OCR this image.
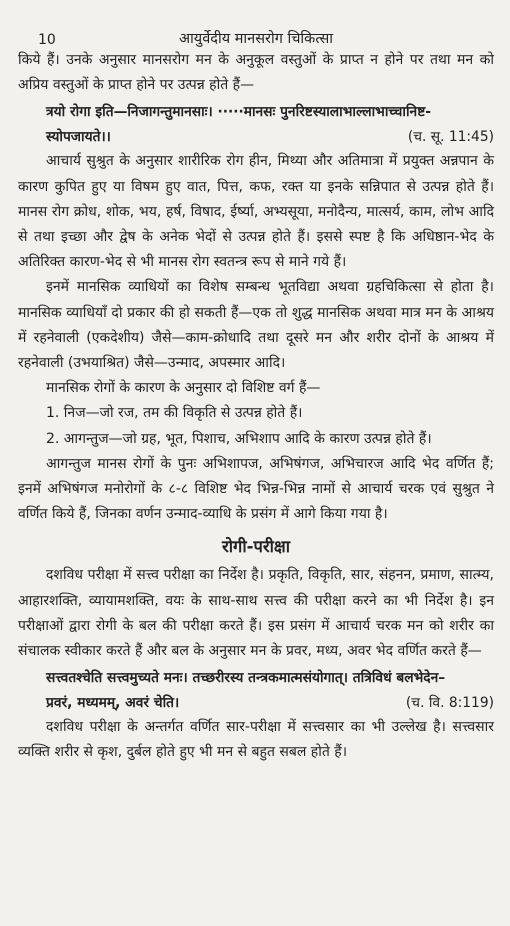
10	आयुर्वेदीय मानसरोग चिकित्सा

किये हैं। उनके अनुसार मानसरोग मन के अनुकूल वस्तुओं के प्राप्त न होने पर तथा मन को अप्रिय वस्तुओं के प्राप्त होने पर उत्पन्न होते हैं—

त्रयो रोगा इति—निजागन्तुमानसाः। ·····मानसः पुनरिष्टस्यालाभाल्लाभाच्चानिष्ट-
स्योपजायते।।	(च. सू. 11:45)

आचार्य सुश्रुत के अनुसार शारीरिक रोग हीन, मिथ्या और अतिमात्रा में प्रयुक्त अन्नपान के कारण कुपित हुए या विषम हुए वात, पित्त, कफ, रक्त या इनके सन्निपात से उत्पन्न होते हैं। मानस रोग क्रोध, शोक, भय, हर्ष, विषाद, ईर्ष्या, अभ्यसूया, मनोदैन्य, मात्सर्य, काम, लोभ आदि से तथा इच्छा और द्वेष के अनेक भेदों से उत्पन्न होते हैं। इससे स्पष्ट है कि अधिष्ठान-भेद के अतिरिक्त कारण-भेद से भी मानस रोग स्वतन्त्र रूप से माने गये हैं।

इनमें मानसिक व्याधियों का विशेष सम्बन्ध भूतविद्या अथवा ग्रहचिकित्सा से होता है। मानसिक व्याधियाँ दो प्रकार की हो सकती हैं—एक तो शुद्ध मानसिक अथवा मात्र मन के आश्रय में रहनेवाली (एकदेशीय) जैसे—काम-क्रोधादि तथा दूसरे मन और शरीर दोनों के आश्रय में रहनेवाली (उभयाश्रित) जैसे—उन्माद, अपस्मार आदि।

मानसिक रोगों के कारण के अनुसार दो विशिष्ट वर्ग हैं—

1. निज—जो रज, तम की विकृति से उत्पन्न होते हैं।

2. आगन्तुज—जो ग्रह, भूत, पिशाच, अभिशाप आदि के कारण उत्पन्न होते हैं।

आगन्तुज मानस रोगों के पुनः अभिशापज, अभिषंगज, अभिचारज आदि भेद वर्णित हैं; इनमें अभिषंगज मनोरोगों के ८-८ विशिष्ट भेद भिन्न-भिन्न नामों से आचार्य चरक एवं सुश्रुत ने वर्णित किये हैं, जिनका वर्णन उन्माद-व्याधि के प्रसंग में आगे किया गया है।

रोगी-परीक्षा

दशविध परीक्षा में सत्त्व परीक्षा का निर्देश है। प्रकृति, विकृति, सार, संहनन, प्रमाण, सात्म्य, आहारशक्ति, व्यायामशक्ति, वयः के साथ-साथ सत्त्व की परीक्षा करने का भी निर्देश है। इन परीक्षाओं द्वारा रोगी के बल की परीक्षा करते हैं। इस प्रसंग में आचार्य चरक मन को शरीर का संचालक स्वीकार करते हैं और बल के अनुसार मन के प्रवर, मध्य, अवर भेद वर्णित करते हैं—

सत्त्वतश्चेति सत्त्वमुच्यते मनः। तच्छरीरस्य तन्त्रकमात्मसंयोगात्। तत्रिविधं बलभेदेन–
प्रवरं, मध्यमम्, अवरं चेति।	(च. वि. 8:119)

दशविध परीक्षा के अन्तर्गत वर्णित सार-परीक्षा में सत्त्वसार का भी उल्लेख है। सत्त्वसार व्यक्ति शरीर से कृश, दुर्बल होते हुए भी मन से बहुत सबल होते हैं।
